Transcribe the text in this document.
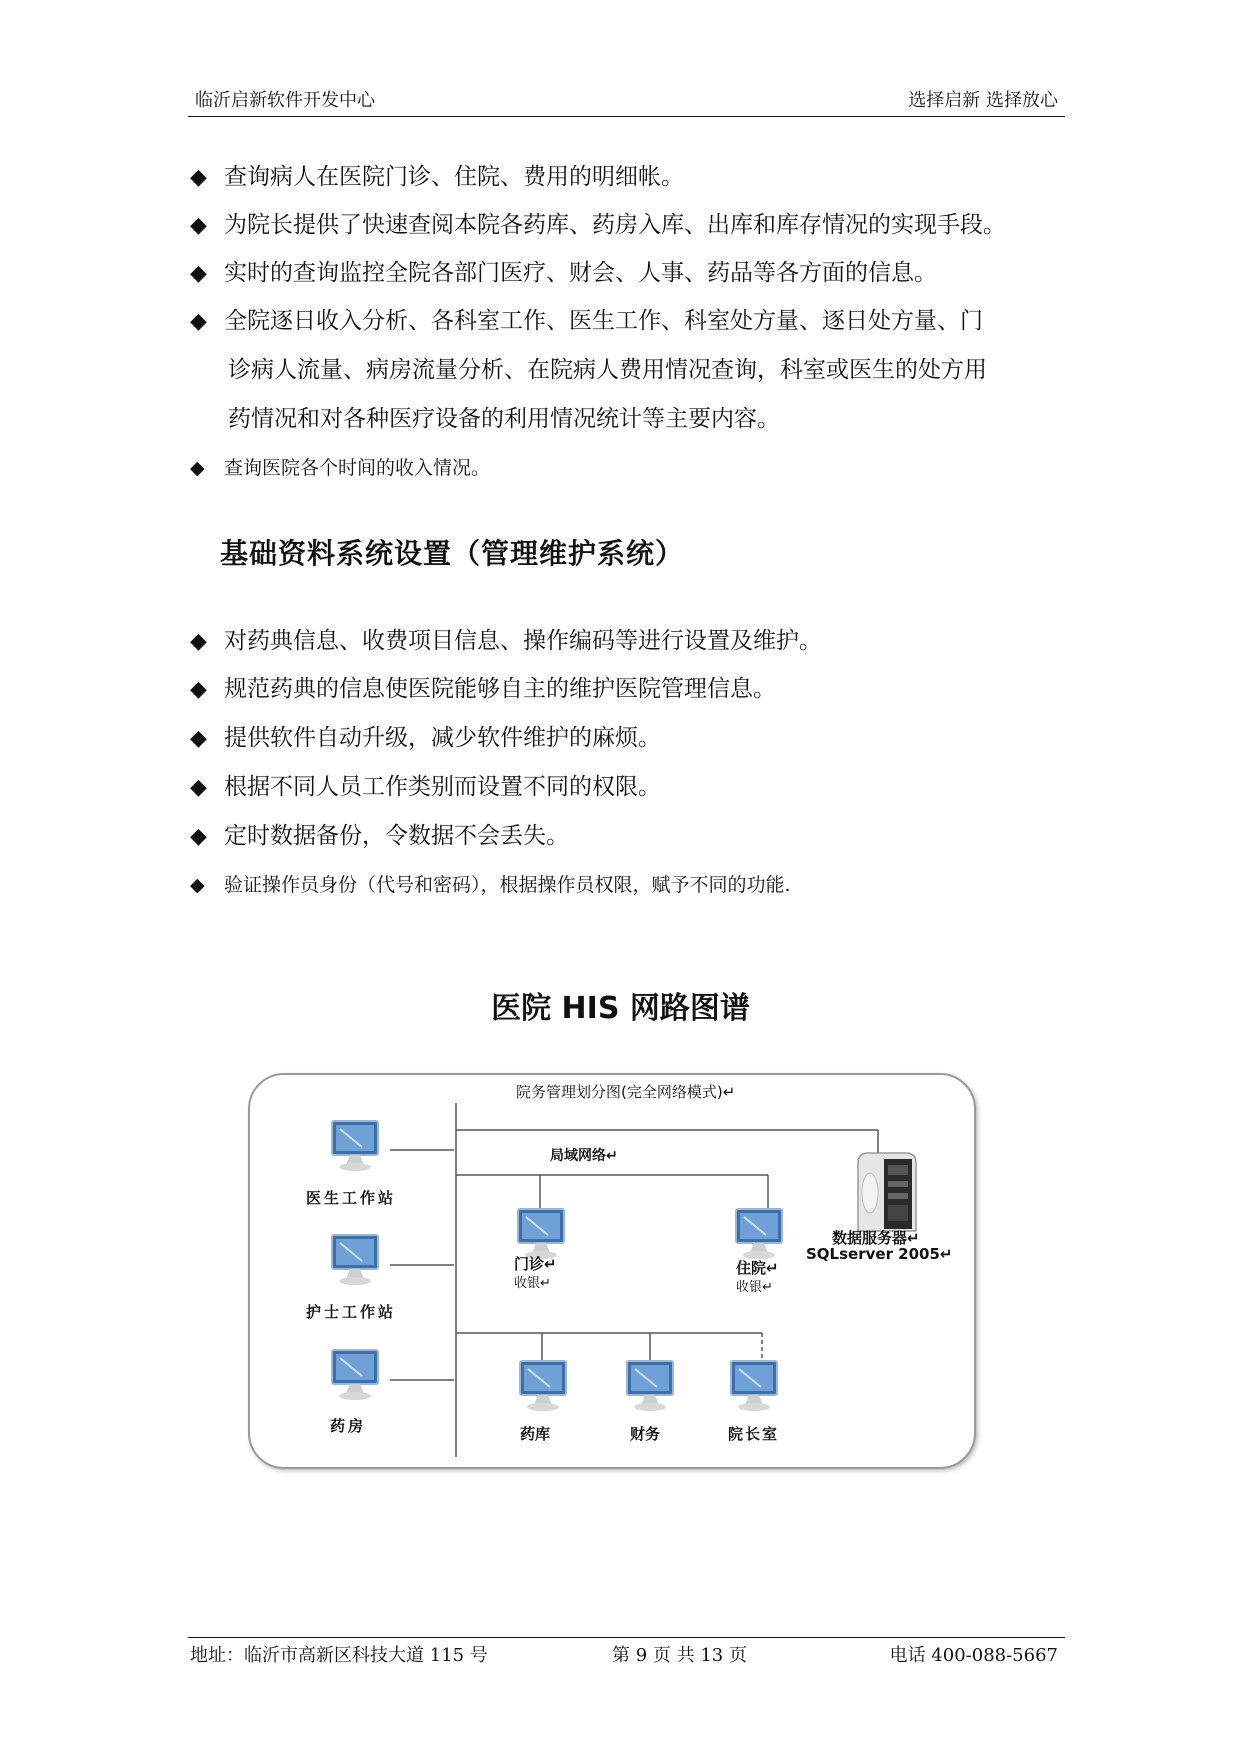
临沂启新软件开发中心	选择启新 选择放心
◆ 查询病人在医院门诊、住院、费用的明细帐。
◆ 为院长提供了快速查阅本院各药库、药房入库、出库和库存情况的实现手段。
◆ 实时的查询监控全院各部门医疗、财会、人事、药品等各方面的信息。
◆ 全院逐日收入分析、各科室工作、医生工作、科室处方量、逐日处方量、门
诊病人流量、病房流量分析、在院病人费用情况查询，科室或医生的处方用
药情况和对各种医疗设备的利用情况统计等主要内容。
◆ 查询医院各个时间的收入情况。
基础资料系统设置（管理维护系统）
◆ 对药典信息、收费项目信息、操作编码等进行设置及维护。
◆ 规范药典的信息使医院能够自主的维护医院管理信息。
◆ 提供软件自动升级，减少软件维护的麻烦。
◆ 根据不同人员工作类别而设置不同的权限。
◆ 定时数据备份，令数据不会丢失。
◆ 验证操作员身份（代号和密码），根据操作员权限，赋予不同的功能.
医院 HIS 网路图谱
院务管理划分图(完全网络模式)↵
局域网络↵
医生工作站
护士工作站
药房
门诊↵
收银↵
住院↵
收银↵
数据服务器↵
SQLserver 2005↵
药库	财务	院长室
地址：临沂市高新区科技大道 115 号	第 9 页 共 13 页	电话 400-088-5667
